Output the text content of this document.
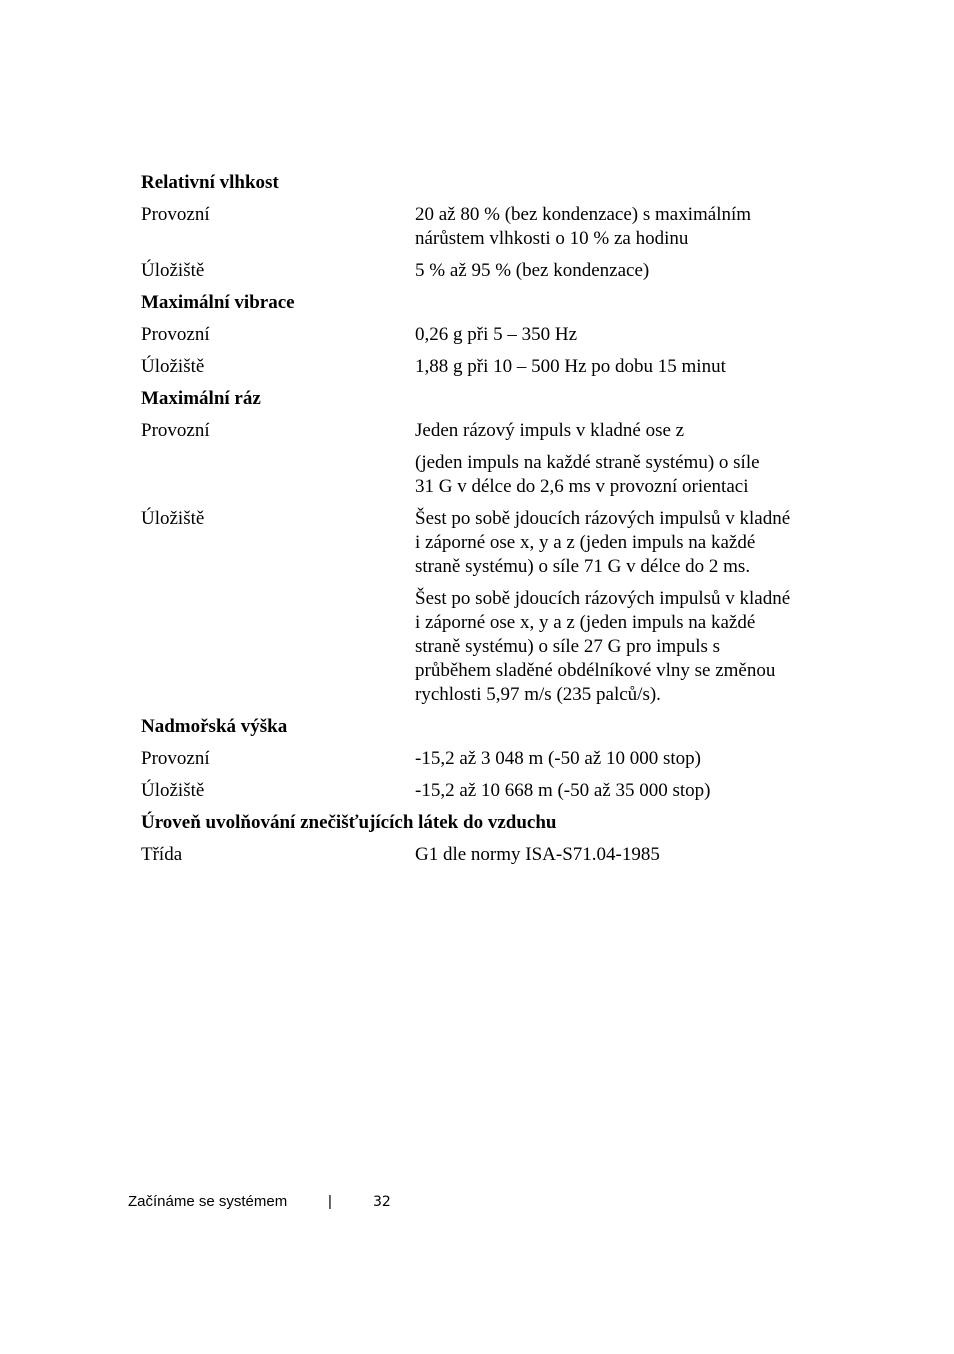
Relativní vlhkost
Provozní	20 až 80 % (bez kondenzace) s maximálním
nárůstem vlhkosti o 10 % za hodinu
Úložiště	5 % až 95 % (bez kondenzace)
Maximální vibrace
Provozní	0,26 g při 5 – 350 Hz
Úložiště	1,88 g při 10 – 500 Hz po dobu 15 minut
Maximální ráz
Provozní	Jeden rázový impuls v kladné ose z
(jeden impuls na každé straně systému) o síle
31 G v délce do 2,6 ms v provozní orientaci
Úložiště	Šest po sobě jdoucích rázových impulsů v kladné
i záporné ose x, y a z (jeden impuls na každé
straně systému) o síle 71 G v délce do 2 ms.
Šest po sobě jdoucích rázových impulsů v kladné
i záporné ose x, y a z (jeden impuls na každé
straně systému) o síle 27 G pro impuls s
průběhem sladěné obdélníkové vlny se změnou
rychlosti 5,97 m/s (235 palců/s).
Nadmořská výška
Provozní	-15,2 až 3 048 m (-50 až 10 000 stop)
Úložiště	-15,2 až 10 668 m (-50 až 35 000 stop)
Úroveň uvolňování znečišťujících látek do vzduchu
Třída	G1 dle normy ISA-S71.04-1985
Začínáme se systémem	|	32
